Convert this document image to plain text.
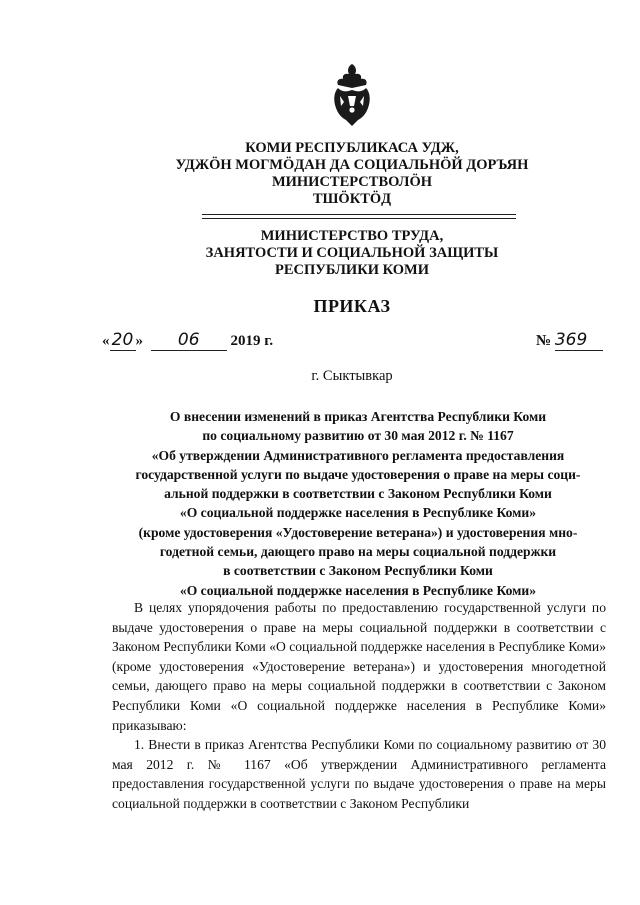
КОМИ РЕСПУБЛИКАСА УДЖ,
УДЖÖН МОГМÖДАН ДА СОЦИАЛЬНÖЙ ДОРЪЯН
МИНИСТЕРСТВОЛÖН
ТШÖКТÖД
МИНИСТЕРСТВО ТРУДА,
ЗАНЯТОСТИ И СОЦИАЛЬНОЙ ЗАЩИТЫ
РЕСПУБЛИКИ КОМИ
ПРИКАЗ
« 20 » 06 2019 г.	№ 369
г. Сыктывкар
О внесении изменений в приказ Агентства Республики Коми
по социальному развитию от 30 мая 2012 г. № 1167
«Об утверждении Административного регламента предоставления
государственной услуги по выдаче удостоверения о праве на меры соци-
альной поддержки в соответствии с Законом Республики Коми
«О социальной поддержке населения в Республике Коми»
(кроме удостоверения «Удостоверение ветерана») и удостоверения мно-
годетной семьи, дающего право на меры социальной поддержки
в соответствии с Законом Республики Коми
«О социальной поддержке населения в Республике Коми»

В целях упорядочения работы по предоставлению государственной услуги по выдаче удостоверения о праве на меры социальной поддержки в соответствии с Законом Республики Коми «О социальной поддержке населения в Республике Коми» (кроме удостоверения «Удостоверение ветерана») и удостоверения многодетной семьи, дающего право на меры социальной поддержки в соответствии с Законом Республики Коми «О социальной поддержке населения в Республике Коми» приказываю:

1. Внести в приказ Агентства Республики Коми по социальному развитию от 30 мая 2012 г. № 1167 «Об утверждении Административного регламента предоставления государственной услуги по выдаче удостоверения о праве на меры социальной поддержки в соответствии с Законом Республики
